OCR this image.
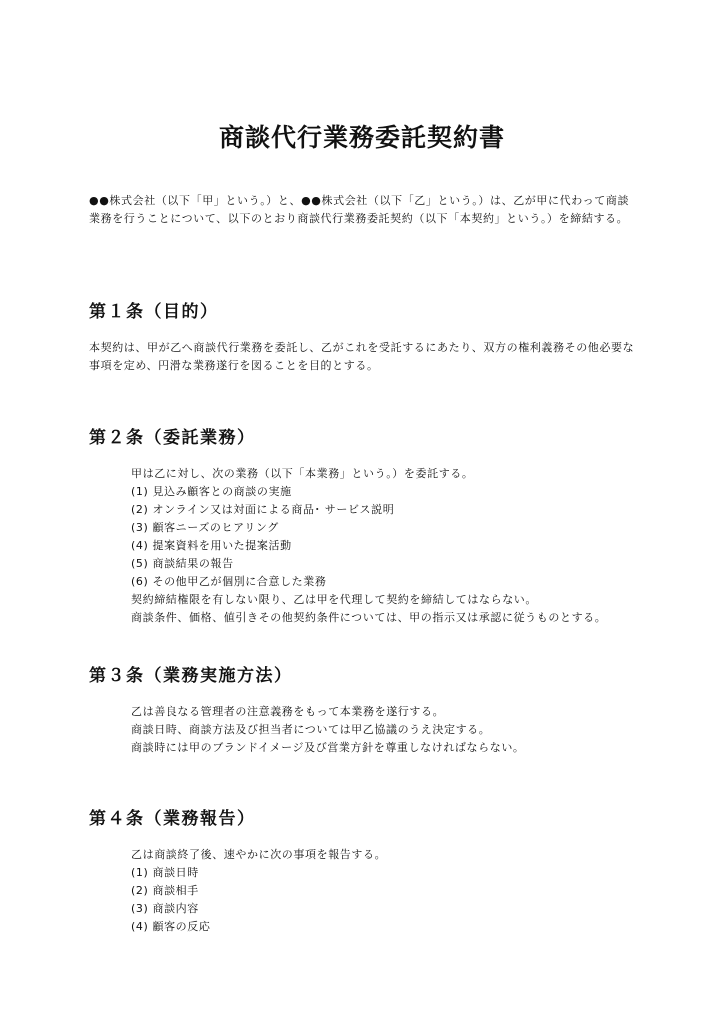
商談代行業務委託契約書

●●株式会社（以下「甲」という。）と、●●株式会社（以下「乙」という。）は、乙が甲に代わって商談業務を行うことについて、以下のとおり商談代行業務委託契約（以下「本契約」という。）を締結する。

第１条（目的）

本契約は、甲が乙へ商談代行業務を委託し、乙がこれを受託するにあたり、双方の権利義務その他必要な事項を定め、円滑な業務遂行を図ることを目的とする。

第２条（委託業務）
甲は乙に対し、次の業務（以下「本業務」という。）を委託する。
(1) 見込み顧客との商談の実施
(2) オンライン又は対面による商品･ サービス説明
(3) 顧客ニーズのヒアリング
(4) 提案資料を用いた提案活動
(5) 商談結果の報告
(6) その他甲乙が個別に合意した業務
契約締結権限を有しない限り、乙は甲を代理して契約を締結してはならない。
商談条件、価格、値引きその他契約条件については、甲の指示又は承認に従うものとする。
第３条（業務実施方法）
乙は善良なる管理者の注意義務をもって本業務を遂行する。
商談日時、商談方法及び担当者については甲乙協議のうえ決定する。
商談時には甲のブランドイメージ及び営業方針を尊重しなければならない。
第４条（業務報告）
乙は商談終了後、速やかに次の事項を報告する。
(1) 商談日時
(2) 商談相手
(3) 商談内容
(4) 顧客の反応
